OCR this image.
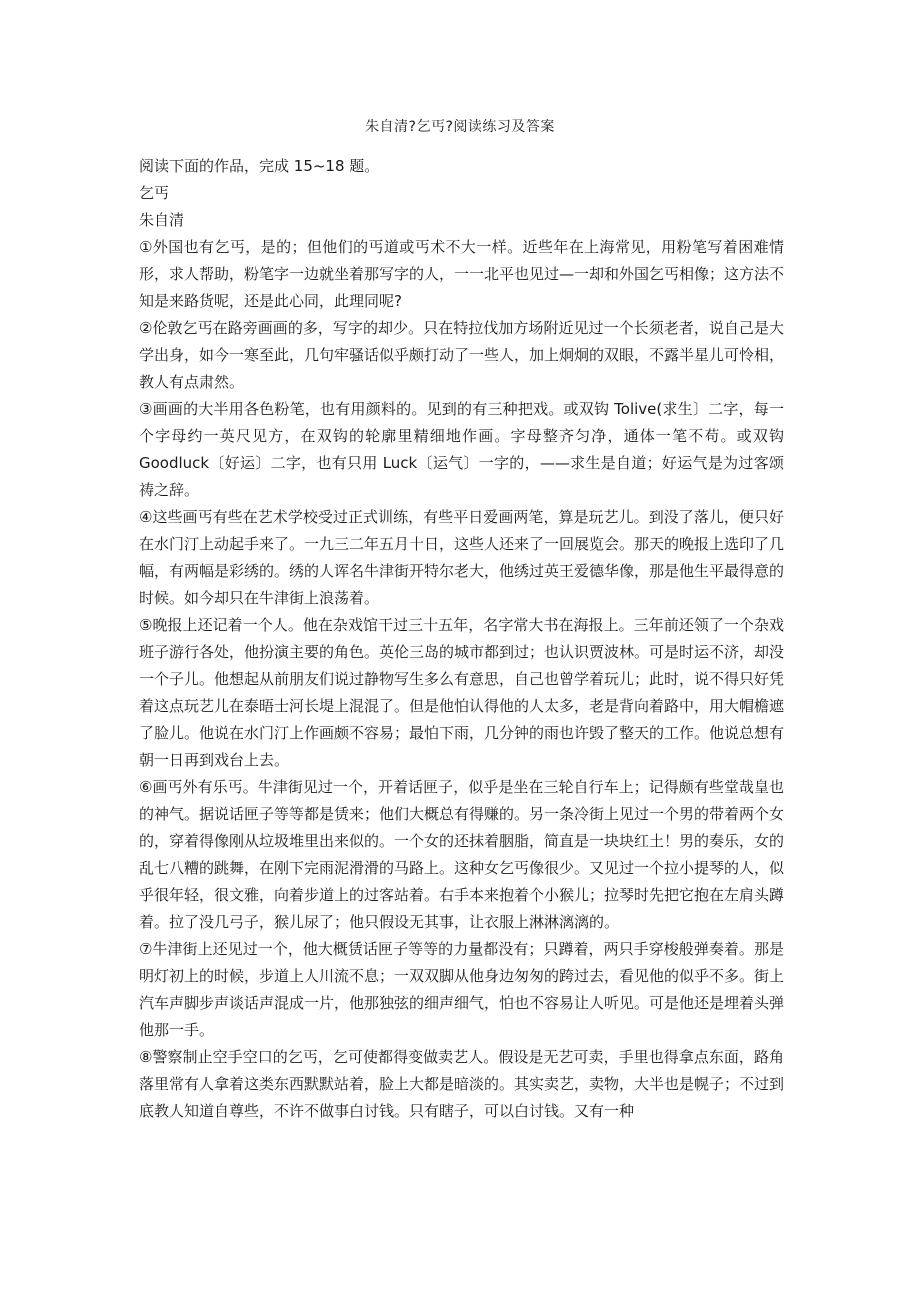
朱自清?乞丐?阅读练习及答案
阅读下面的作品，完成 15~18 题。
乞丐
朱自清

①外国也有乞丐，是的；但他们的丐道或丐术不大一样。近些年在上海常见，用粉笔写着困难情形，求人帮助，粉笔字一边就坐着那写字的人，一一北平也见过—一却和外国乞丐相像；这方法不知是来路货呢，还是此心同，此理同呢?

②伦敦乞丐在路旁画画的多，写字的却少。只在特拉伐加方场附近见过一个长须老者，说自己是大学出身，如今一寒至此，几句牢骚话似乎颇打动了一些人，加上炯炯的双眼，不露半星儿可怜相，教人有点肃然。

③画画的大半用各色粉笔，也有用颜料的。见到的有三种把戏。或双钩 Tolive(求生〕二字，每一个字母约一英尺见方，在双钩的轮廓里精细地作画。字母整齐匀净，通体一笔不苟。或双钩 Goodluck〔好运〕二字，也有只用 Luck〔运气〕一字的，——求生是自道；好运气是为过客颂祷之辞。

④这些画丐有些在艺术学校受过正式训练，有些平日爱画两笔，算是玩艺儿。到没了落儿，便只好在水门汀上动起手来了。一九三二年五月十日，这些人还来了一回展览会。那天的晚报上选印了几幅，有两幅是彩绣的。绣的人诨名牛津街开特尔老大，他绣过英王爱德华像，那是他生平最得意的时候。如今却只在牛津街上浪荡着。

⑤晚报上还记着一个人。他在杂戏馆干过三十五年，名字常大书在海报上。三年前还领了一个杂戏班子游行各处，他扮演主要的角色。英伦三岛的城市都到过；也认识贾波林。可是时运不济，却没一个子儿。他想起从前朋友们说过静物写生多么有意思，自己也曾学着玩儿；此时，说不得只好凭着这点玩艺儿在泰晤士河长堤上混混了。但是他怕认得他的人太多，老是背向着路中，用大帽檐遮了脸儿。他说在水门汀上作画颇不容易；最怕下雨，几分钟的雨也许毁了整天的工作。他说总想有朝一日再到戏台上去。

⑥画丐外有乐丐。牛津街见过一个，开着话匣子，似乎是坐在三轮自行车上；记得颇有些堂哉皇也的神气。据说话匣子等等都是赁来；他们大概总有得赚的。另一条冷街上见过一个男的带着两个女的，穿着得像刚从垃圾堆里出来似的。一个女的还抹着胭脂，简直是一块块红土！男的奏乐，女的乱七八糟的跳舞，在刚下完雨泥滑滑的马路上。这种女乞丐像很少。又见过一个拉小提琴的人，似乎很年轻，很文雅，向着步道上的过客站着。右手本来抱着个小猴儿；拉琴时先把它抱在左肩头蹲着。拉了没几弓子，猴儿尿了；他只假设无其事，让衣服上淋淋漓漓的。

⑦牛津街上还见过一个，他大概赁话匣子等等的力量都没有；只蹲着，两只手穿梭般弹奏着。那是明灯初上的时候，步道上人川流不息；一双双脚从他身边匆匆的跨过去，看见他的似乎不多。街上汽车声脚步声谈话声混成一片，他那独弦的细声细气，怕也不容易让人听见。可是他还是埋着头弹他那一手。

⑧警察制止空手空口的乞丐，乞可使都得变做卖艺人。假设是无艺可卖，手里也得拿点东面，路角落里常有人拿着这类东西默默站着，脸上大都是暗淡的。其实卖艺，卖物，大半也是幌子；不过到底教人知道自尊些，不许不做事白讨钱。只有瞎子，可以白讨钱。又有一种
